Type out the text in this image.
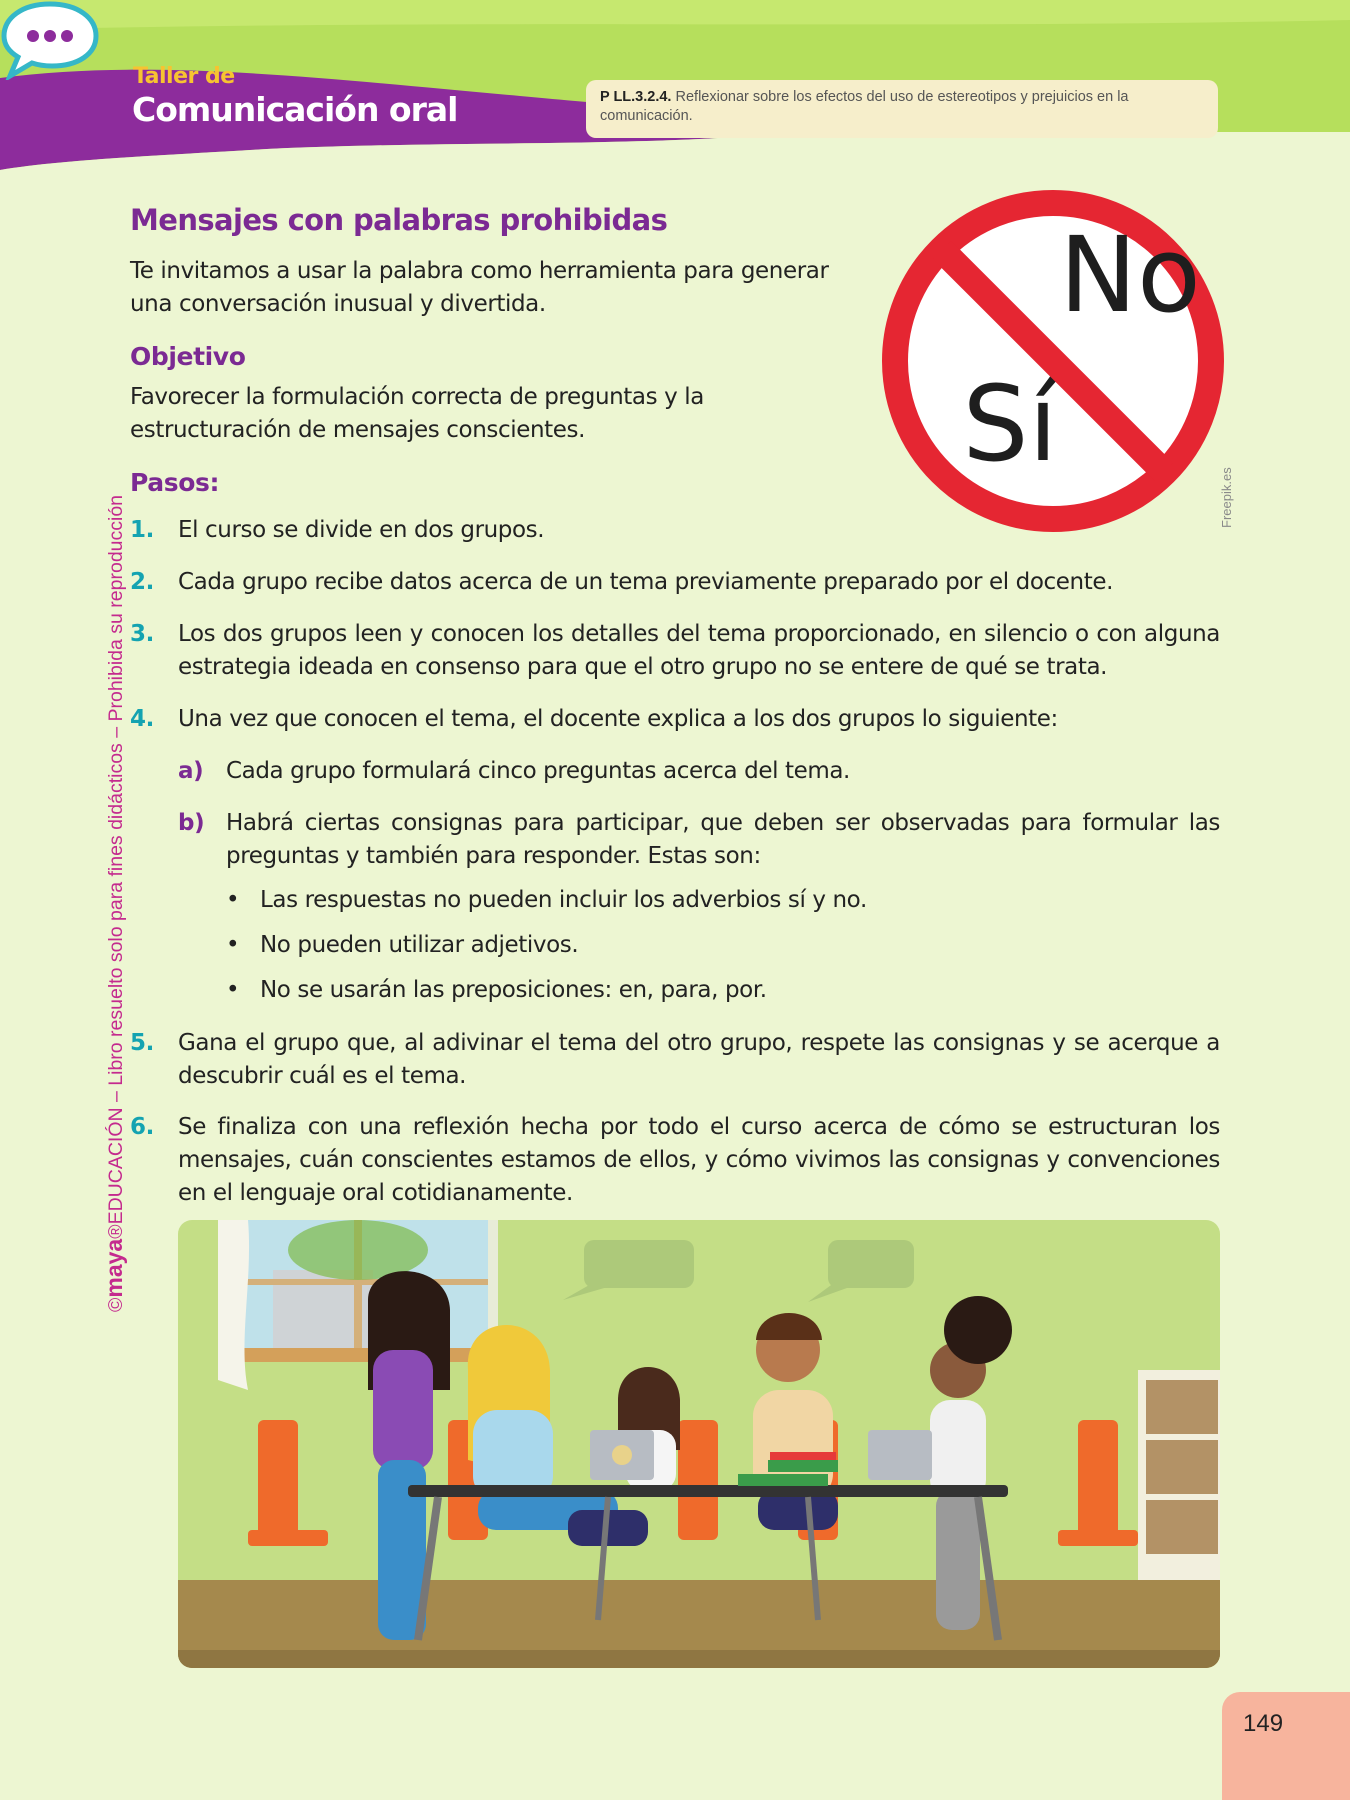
Taller de
Comunicación oral	P LL.3.2.4. Reflexionar sobre los efectos del uso de estereotipos y prejuicios en la comunicación.
©maya®EDUCACIÓN – Libro resuelto solo para fines didácticos – Prohibida su reproducción
Mensajes con palabras prohibidas

Te invitamos a usar la palabra como herramienta para generar una conversación inusual y divertida.

Objetivo

Favorecer la formulación correcta de preguntas y la estructuración de mensajes conscientes.

No
Sí
Freepik.es
Pasos:
1.	El curso se divide en dos grupos.
2.	Cada grupo recibe datos acerca de un tema previamente preparado por el docente.
3.	Los dos grupos leen y conocen los detalles del tema proporcionado, en silencio o con alguna estrategia ideada en consenso para que el otro grupo no se entere de qué se trata.
4.	Una vez que conocen el tema, el docente explica a los dos grupos lo siguiente:
a) Cada grupo formulará cinco preguntas acerca del tema.
b) Habrá ciertas consignas para participar, que deben ser observadas para formular las preguntas y también para responder. Estas son:
• Las respuestas no pueden incluir los adverbios sí y no.
• No pueden utilizar adjetivos.
• No se usarán las preposiciones: en, para, por.
5.	Gana el grupo que, al adivinar el tema del otro grupo, respete las consignas y se acerque a descubrir cuál es el tema.
6.	Se finaliza con una reflexión hecha por todo el curso acerca de cómo se estructuran los mensajes, cuán conscientes estamos de ellos, y cómo vivimos las consignas y convenciones en el lenguaje oral cotidianamente.
149
